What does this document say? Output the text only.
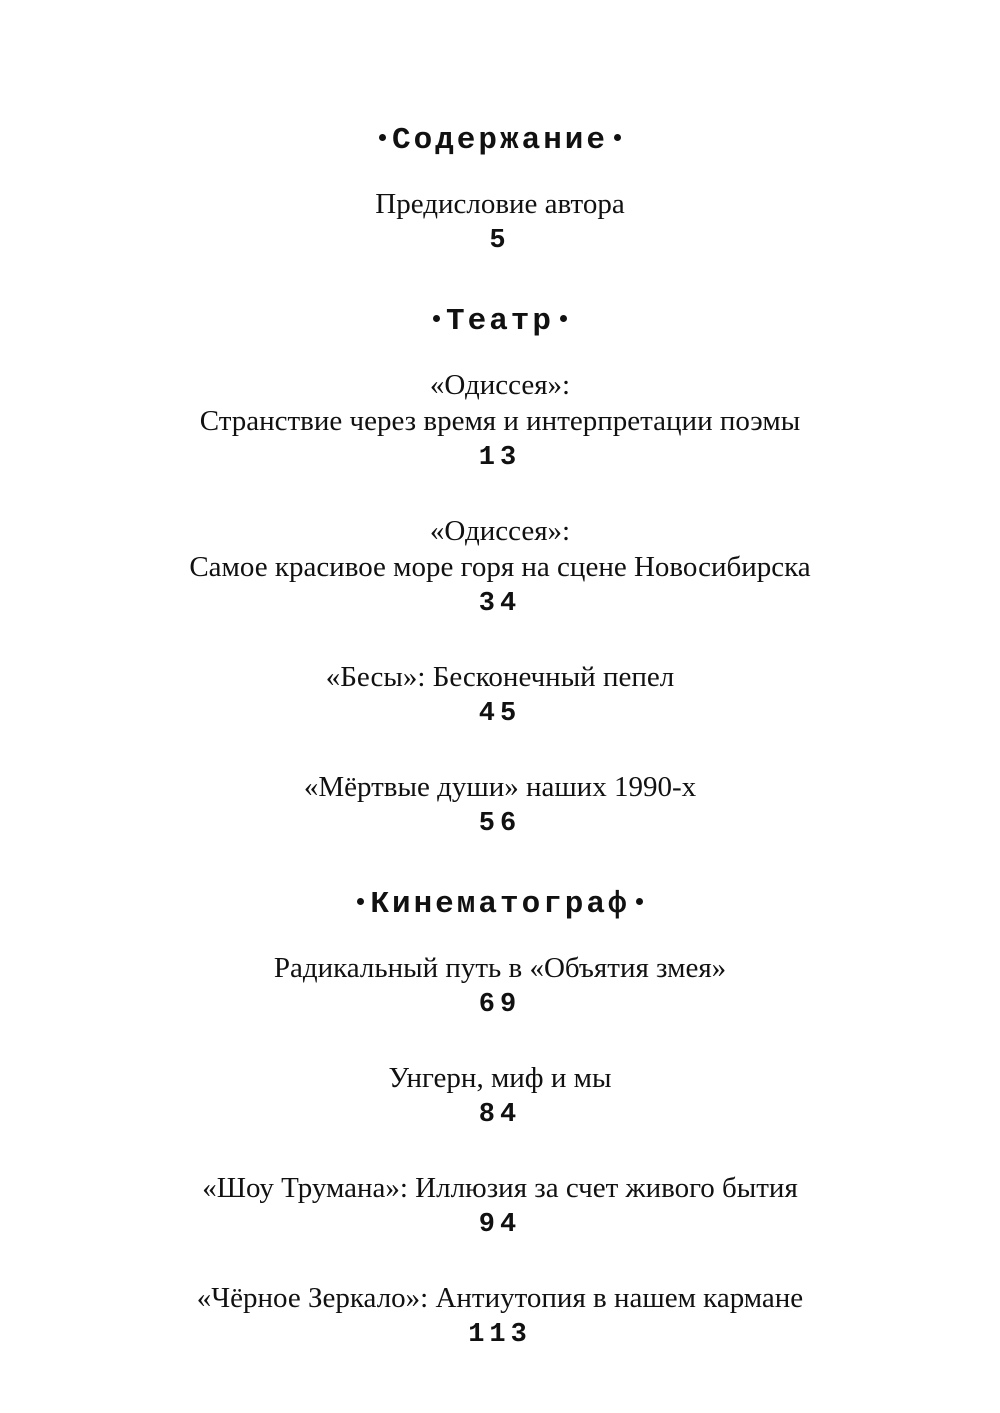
Содержание
Предисловие автора
5
Театр
«Одиссея»:
Странствие через время и интерпретации поэмы
13
«Одиссея»:
Самое красивое море горя на сцене Новосибирска
34
«Бесы»: Бесконечный пепел
45
«Мёртвые души» наших 1990-х
56
Кинематограф
Радикальный путь в «Объятия змея»
69
Унгерн, миф и мы
84
«Шоу Трумана»: Иллюзия за счет живого бытия
94
«Чёрное Зеркало»: Антиутопия в нашем кармане
113
